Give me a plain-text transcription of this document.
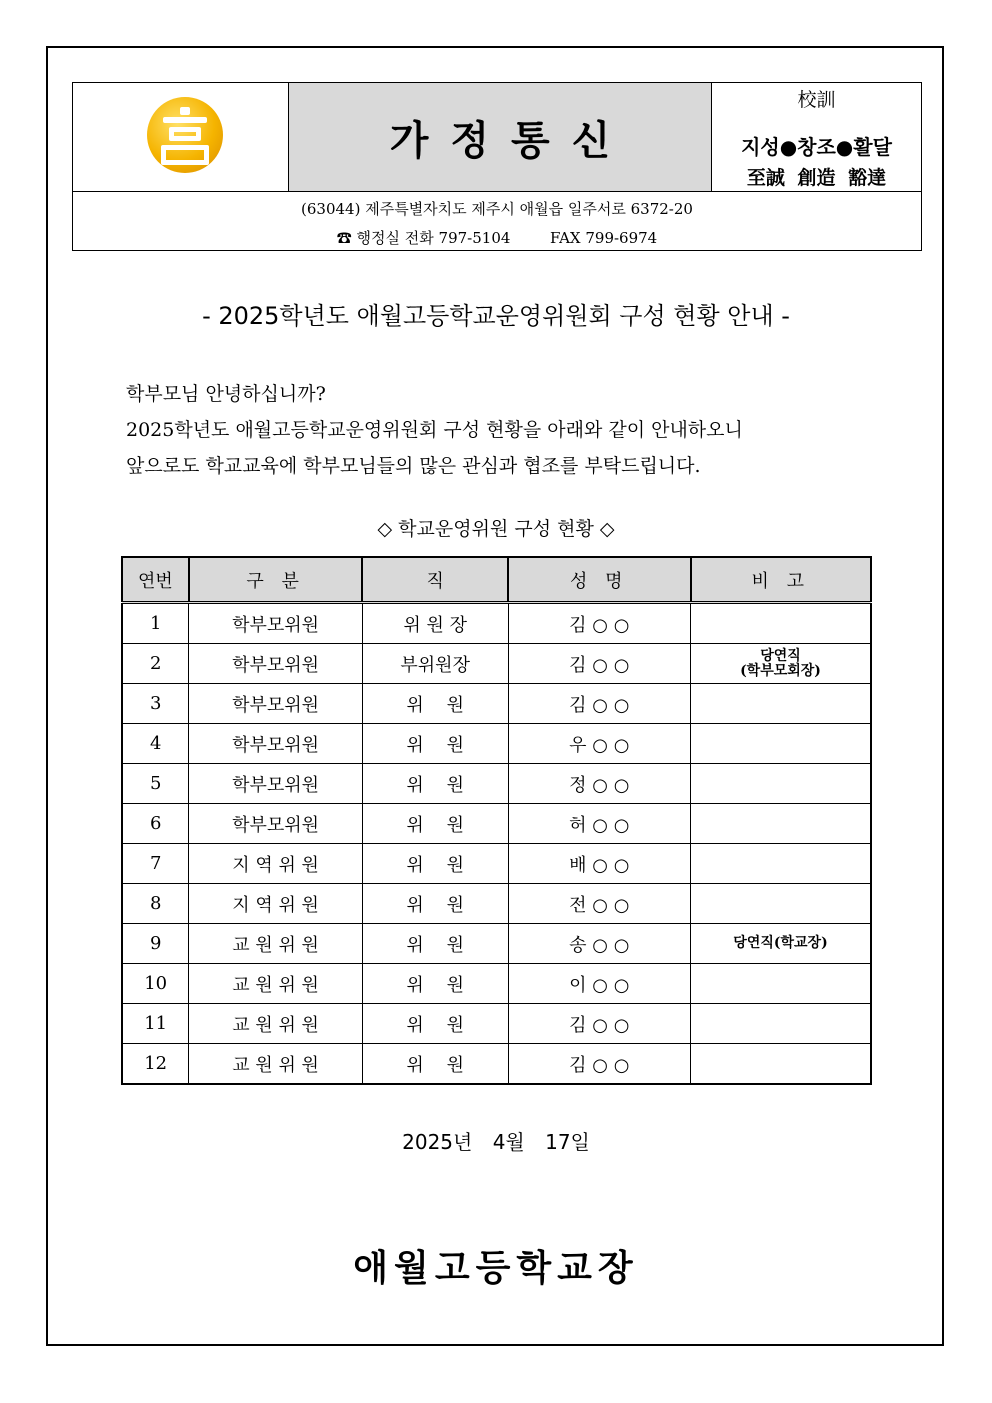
가정통신
校訓
지성●창조●활달
至誠 創造 豁達
(63044) 제주특별자치도 제주시 애월읍 일주서로 6372-20
☎ 행정실 전화 797-5104	FAX 799-6974
- 2025학년도 애월고등학교운영위원회 구성 현황 안내 -
학부모님 안녕하십니까?
2025학년도 애월고등학교운영위원회 구성 현황을 아래와 같이 안내하오니
앞으로도 학교교육에 학부모님들의 많은 관심과 협조를 부탁드립니다.
◇ 학교운영위원 구성 현황 ◇
연번	구 분	직	성 명	비 고
1	학부모위원	위 원 장	김 ○ ○	
2	학부모위원	부위원장	김 ○ ○	당연직
(학부모회장)
3	학부모위원	위    원	김 ○ ○	
4	학부모위원	위    원	우 ○ ○	
5	학부모위원	위    원	정 ○ ○	
6	학부모위원	위    원	허 ○ ○	
7	지 역 위 원	위    원	배 ○ ○	
8	지 역 위 원	위    원	전 ○ ○	
9	교 원 위 원	위    원	송 ○ ○	당연직(학교장)
10	교 원 위 원	위    원	이 ○ ○	
11	교 원 위 원	위    원	김 ○ ○	
12	교 원 위 원	위    원	김 ○ ○	
2025년 4월 17일
애월고등학교장
